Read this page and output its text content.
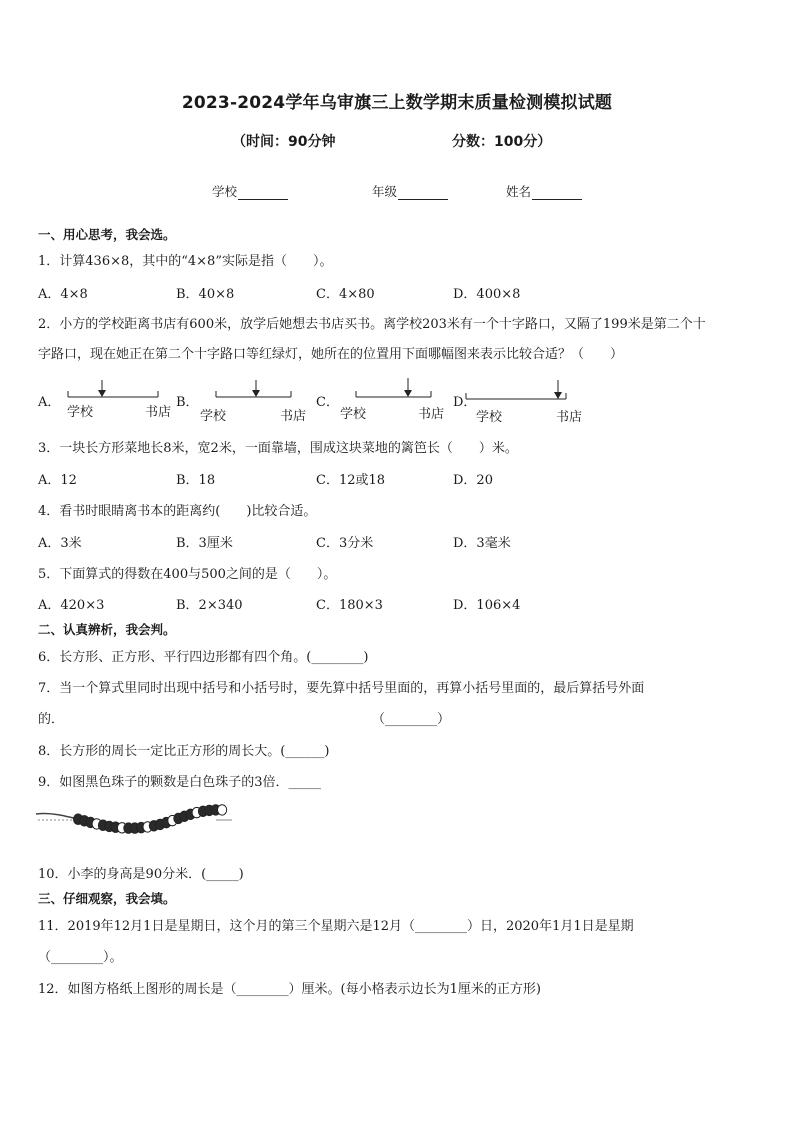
2023-2024学年乌审旗三上数学期末质量检测模拟试题
（时间：90分钟	分数：100分）
学校	年级	姓名
一、用心思考，我会选。
1．计算436×8，其中的“4×8”实际是指（　　）。
A．4×8	B．40×8	C．4×80	D．400×8
2．小方的学校距离书店有600米，放学后她想去书店买书。离学校203米有一个十字路口，又隔了199米是第二个十
字路口，现在她正在第二个十字路口等红绿灯，她所在的位置用下面哪幅图来表示比较合适？（　　）
A．
学校	书店
B．
学校	书店
C．
学校	书店
D．
学校	书店
3．一块长方形菜地长8米，宽2米，一面靠墙，围成这块菜地的篱笆长（　　）米。
A．12	B．18	C．12或18	D．20
4．看书时眼睛离书本的距离约(　　)比较合适。
A．3米	B．3厘米	C．3分米	D．3毫米
5．下面算式的得数在400与500之间的是（　　）。
A．420×3	B．2×340	C．180×3	D．106×4
二、认真辨析，我会判。
6．长方形、正方形、平行四边形都有四个角。(________)
7．当一个算式里同时出现中括号和小括号时，要先算中括号里面的，再算小括号里面的，最后算括号外面
的．	（________）
8．长方形的周长一定比正方形的周长大。(______)
9．如图黑色珠子的颗数是白色珠子的3倍．_____
10．小李的身高是90分米．(_____)
三、仔细观察，我会填。
11．2019年12月1日是星期日，这个月的第三个星期六是12月（________）日，2020年1月1日是星期
（________）。
12．如图方格纸上图形的周长是（________）厘米。(每小格表示边长为1厘米的正方形)
